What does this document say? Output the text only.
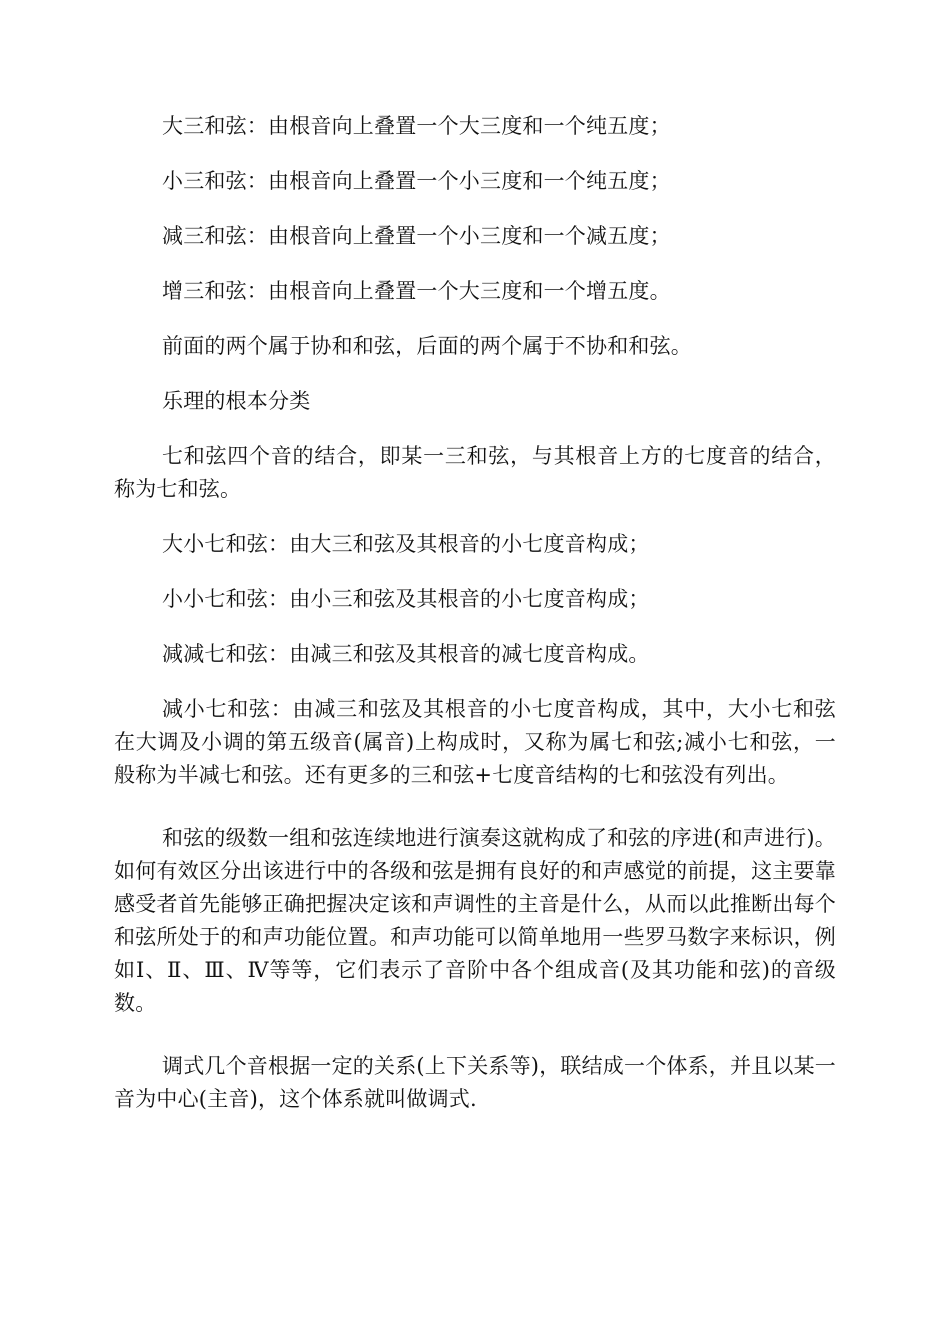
大三和弦：由根音向上叠置一个大三度和一个纯五度；

小三和弦：由根音向上叠置一个小三度和一个纯五度；

减三和弦：由根音向上叠置一个小三度和一个减五度；

增三和弦：由根音向上叠置一个大三度和一个增五度。

前面的两个属于协和和弦，后面的两个属于不协和和弦。

乐理的根本分类

七和弦四个音的结合，即某一三和弦，与其根音上方的七度音的结合，称为七和弦。

大小七和弦：由大三和弦及其根音的小七度音构成；

小小七和弦：由小三和弦及其根音的小七度音构成；

减减七和弦：由减三和弦及其根音的减七度音构成。

减小七和弦：由减三和弦及其根音的小七度音构成，其中，大小七和弦在大调及小调的第五级音(属音)上构成时，又称为属七和弦;减小七和弦，一般称为半减七和弦。还有更多的三和弦+七度音结构的七和弦没有列出。

和弦的级数一组和弦连续地进行演奏这就构成了和弦的序进(和声进行)。如何有效区分出该进行中的各级和弦是拥有良好的和声感觉的前提，这主要靠感受者首先能够正确把握决定该和声调性的主音是什么，从而以此推断出每个和弦所处于的和声功能位置。和声功能可以简单地用一些罗马数字来标识，例如Ⅰ、Ⅱ、Ⅲ、Ⅳ等等，它们表示了音阶中各个组成音(及其功能和弦)的音级数。

调式几个音根据一定的关系(上下关系等)，联结成一个体系，并且以某一音为中心(主音)，这个体系就叫做调式.
